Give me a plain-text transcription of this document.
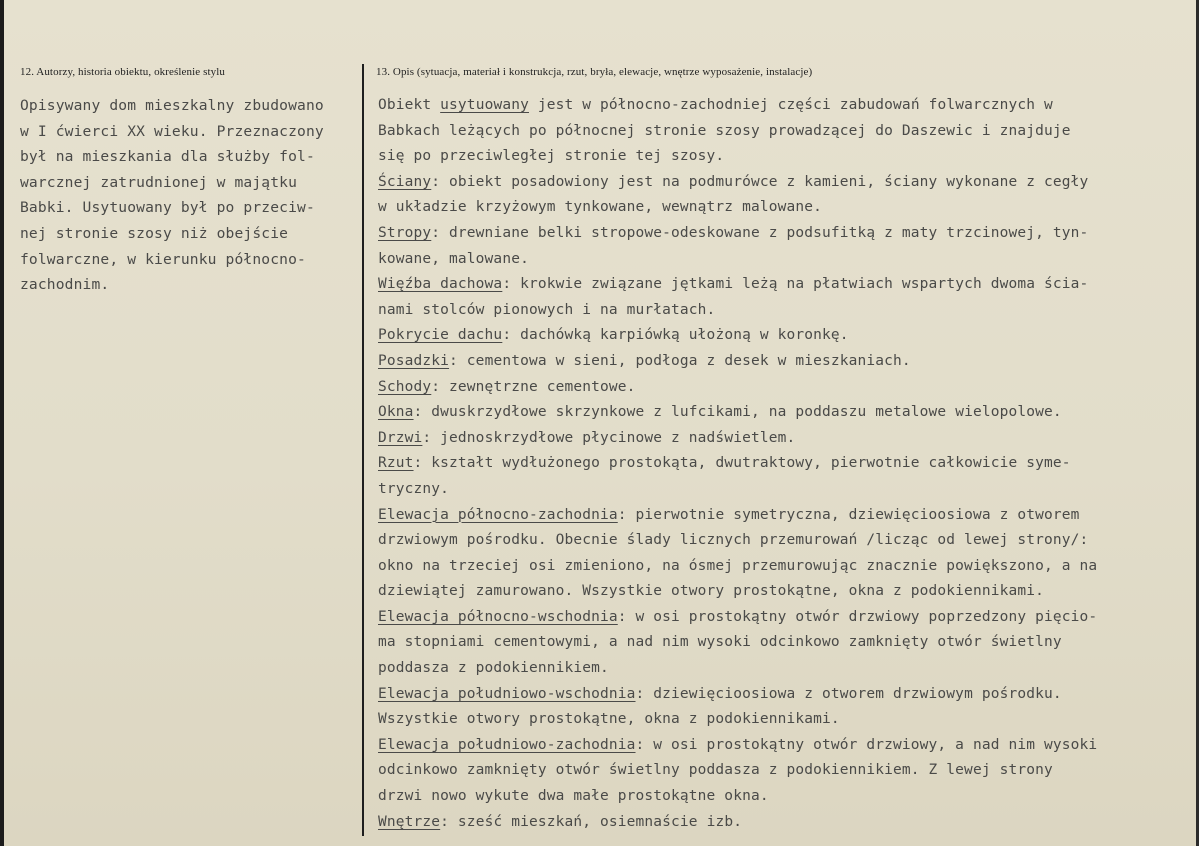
12. Autorzy, historia obiektu, określenie stylu	13. Opis (sytuacja, materiał i konstrukcja, rzut, bryła, elewacje, wnętrze wyposażenie, instalacje)
Opisywany dom mieszkalny zbudowano
w I ćwierci XX wieku. Przeznaczony
był na mieszkania dla służby fol-
warcznej zatrudnionej w majątku
Babki. Usytuowany był po przeciw-
nej stronie szosy niż obejście
folwarczne, w kierunku północno-
zachodnim.
Obiekt usytuowany jest w północno-zachodniej części zabudowań folwarcznych w
Babkach leżących po północnej stronie szosy prowadzącej do Daszewic i znajduje
się po przeciwległej stronie tej szosy.
Ściany: obiekt posadowiony jest na podmurówce z kamieni, ściany wykonane z cegły
w układzie krzyżowym tynkowane, wewnątrz malowane.
Stropy: drewniane belki stropowe-odeskowane z podsufitką z maty trzcinowej, tyn-
kowane, malowane.
Więźba dachowa: krokwie związane jętkami leżą na płatwiach wspartych dwoma ścia-
nami stolców pionowych i na murłatach.
Pokrycie dachu: dachówką karpiówką ułożoną w koronkę.
Posadzki: cementowa w sieni, podłoga z desek w mieszkaniach.
Schody: zewnętrzne cementowe.
Okna: dwuskrzydłowe skrzynkowe z lufcikami, na poddaszu metalowe wielopolowe.
Drzwi: jednoskrzydłowe płycinowe z nadświetlem.
Rzut: kształt wydłużonego prostokąta, dwutraktowy, pierwotnie całkowicie syme-
tryczny.
Elewacja północno-zachodnia: pierwotnie symetryczna, dziewięcioosiowa z otworem
drzwiowym pośrodku. Obecnie ślady licznych przemurowań /licząc od lewej strony/:
okno na trzeciej osi zmieniono, na ósmej przemurowując znacznie powiększono, a na
dziewiątej zamurowano. Wszystkie otwory prostokątne, okna z podokiennikami.
Elewacja północno-wschodnia: w osi prostokątny otwór drzwiowy poprzedzony pięcio-
ma stopniami cementowymi, a nad nim wysoki odcinkowo zamknięty otwór świetlny
poddasza z podokiennikiem.
Elewacja południowo-wschodnia: dziewięcioosiowa z otworem drzwiowym pośrodku.
Wszystkie otwory prostokątne, okna z podokiennikami.
Elewacja południowo-zachodnia: w osi prostokątny otwór drzwiowy, a nad nim wysoki
odcinkowo zamknięty otwór świetlny poddasza z podokiennikiem. Z lewej strony
drzwi nowo wykute dwa małe prostokątne okna.
Wnętrze: sześć mieszkań, osiemnaście izb.
